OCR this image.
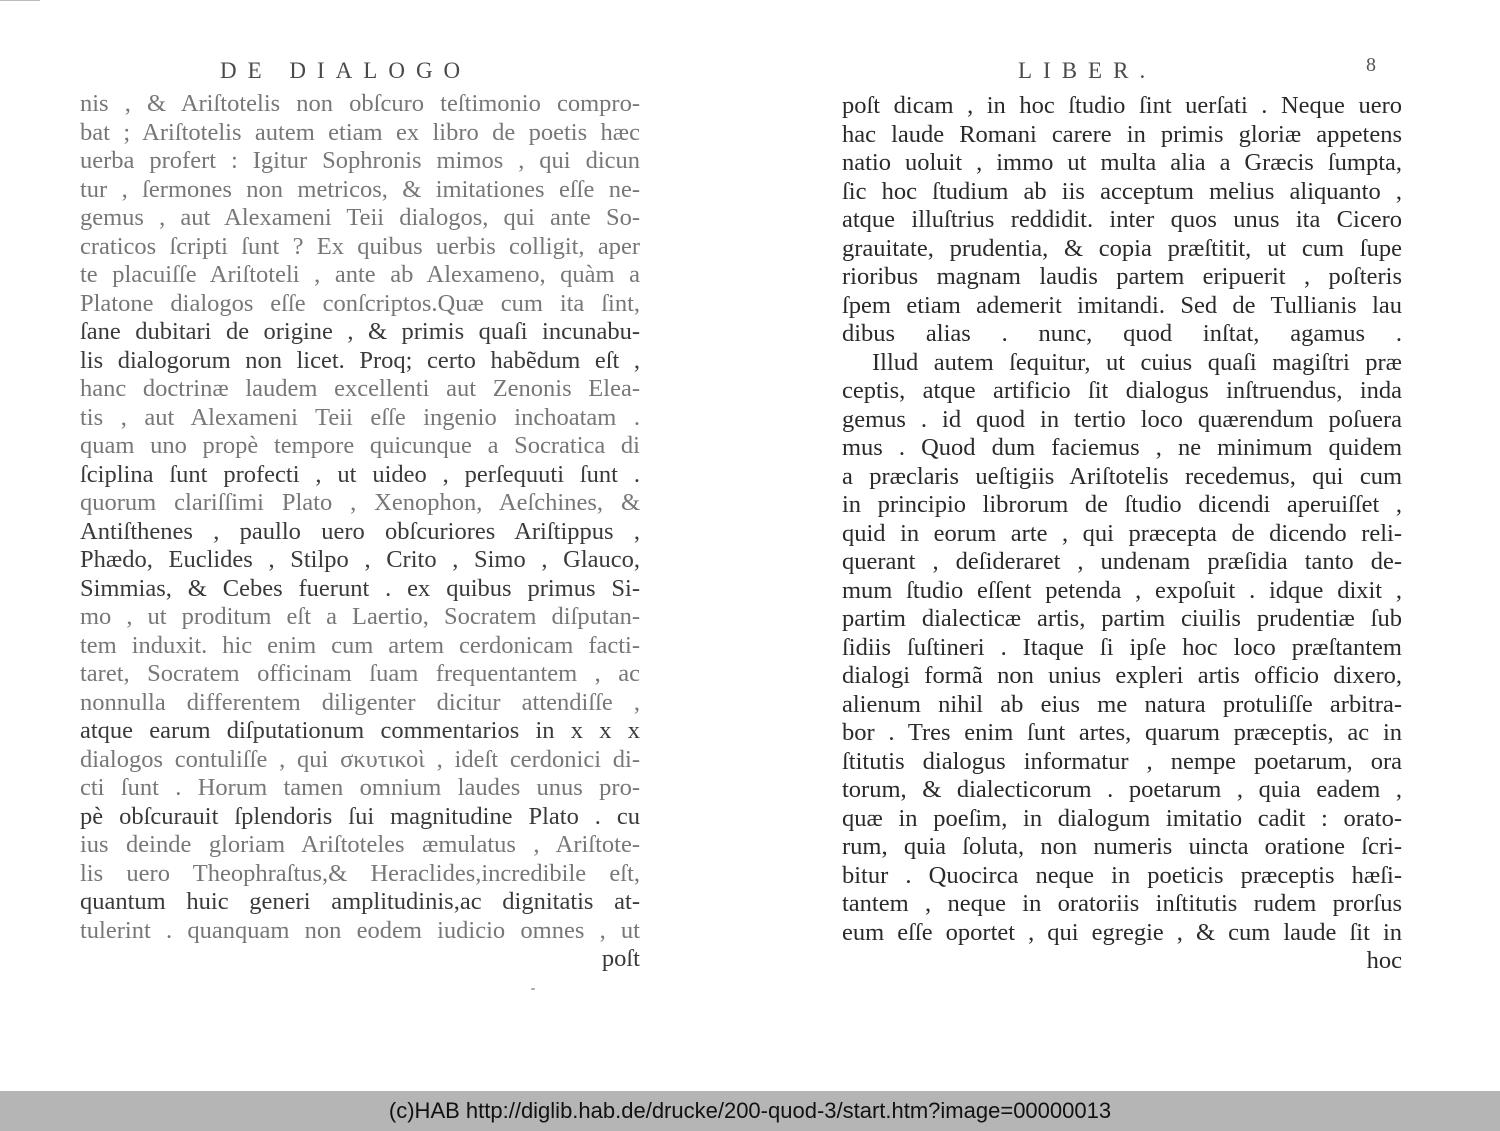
DE DIALOGO
nis , & Ariſtotelis non obſcuro teſtimonio compro-
bat ; Ariſtotelis autem etiam ex libro de poetis hæc
uerba profert : Igitur Sophronis mimos , qui dicun
tur , ſermones non metricos, & imitationes eſſe ne-
gemus , aut Alexameni Teii dialogos, qui ante So-
craticos ſcripti ſunt ? Ex quibus uerbis colligit, aper
te placuiſſe Ariſtoteli , ante ab Alexameno, quàm a
Platone dialogos eſſe conſcriptos.Quæ cum ita ſint,
ſane dubitari de origine , & primis quaſi incunabu-
lis dialogorum non licet. Proq; certo habẽdum eſt ,
hanc doctrinæ laudem excellenti aut Zenonis Elea-
tis , aut Alexameni Teii eſſe ingenio inchoatam .
quam uno propè tempore quicunque a Socratica di
ſciplina ſunt profecti , ut uideo , perſequuti ſunt .
quorum clariſſimi Plato , Xenophon, Aeſchines, &
Antiſthenes , paullo uero obſcuriores Ariſtippus ,
Phædo, Euclides , Stilpo , Crito , Simo , Glauco,
Simmias, & Cebes fuerunt . ex quibus primus Si-
mo , ut proditum eſt a Laertio, Socratem diſputan-
tem induxit. hic enim cum artem cerdonicam facti-
taret, Socratem officinam ſuam frequentantem , ac
nonnulla differentem diligenter dicitur attendiſſe ,
atque earum diſputationum commentarios in x x x
dialogos contuliſſe , qui σκυτικοὶ , ideſt cerdonici di-
cti ſunt . Horum tamen omnium laudes unus pro-
pè obſcurauit ſplendoris ſui magnitudine Plato . cu
ius deinde gloriam Ariſtoteles æmulatus , Ariſtote-
lis uero Theophraſtus,& Heraclides,incredibile eſt,
quantum huic generi amplitudinis,ac dignitatis at-
tulerint . quanquam non eodem iudicio omnes , ut
poſt
LIBER.	8
poſt dicam , in hoc ſtudio ſint uerſati . Neque uero
hac laude Romani carere in primis gloriæ appetens
natio uoluit , immo ut multa alia a Græcis ſumpta,
ſic hoc ſtudium ab iis acceptum melius aliquanto ,
atque illuſtrius reddidit. inter quos unus ita Cicero
grauitate, prudentia, & copia præſtitit, ut cum ſupe
rioribus magnam laudis partem eripuerit , poſteris
ſpem etiam ademerit imitandi. Sed de Tullianis lau
dibus alias . nunc, quod inſtat, agamus .
Illud autem ſequitur, ut cuius quaſi magiſtri præ
ceptis, atque artificio ſit dialogus inſtruendus, inda
gemus . id quod in tertio loco quærendum poſuera
mus . Quod dum faciemus , ne minimum quidem
a præclaris ueſtigiis Ariſtotelis recedemus, qui cum
in principio librorum de ſtudio dicendi aperuiſſet ,
quid in eorum arte , qui præcepta de dicendo reli-
querant , deſideraret , undenam præſidia tanto de-
mum ſtudio eſſent petenda , expoſuit . idque dixit ,
partim dialecticæ artis, partim ciuilis prudentiæ ſub
ſidiis ſuſtineri . Itaque ſi ipſe hoc loco præſtantem
dialogi formã non unius expleri artis officio dixero,
alienum nihil ab eius me natura protuliſſe arbitra-
bor . Tres enim ſunt artes, quarum præceptis, ac in
ſtitutis dialogus informatur , nempe poetarum, ora
torum, & dialecticorum . poetarum , quia eadem ,
quæ in poeſim, in dialogum imitatio cadit : orato-
rum, quia ſoluta, non numeris uincta oratione ſcri-
bitur . Quocirca neque in poeticis præceptis hæſi-
tantem , neque in oratoriis inſtitutis rudem prorſus
eum eſſe oportet , qui egregie , & cum laude ſit in
hoc
(c)HAB http://diglib.hab.de/drucke/200-quod-3/start.htm?image=00000013
